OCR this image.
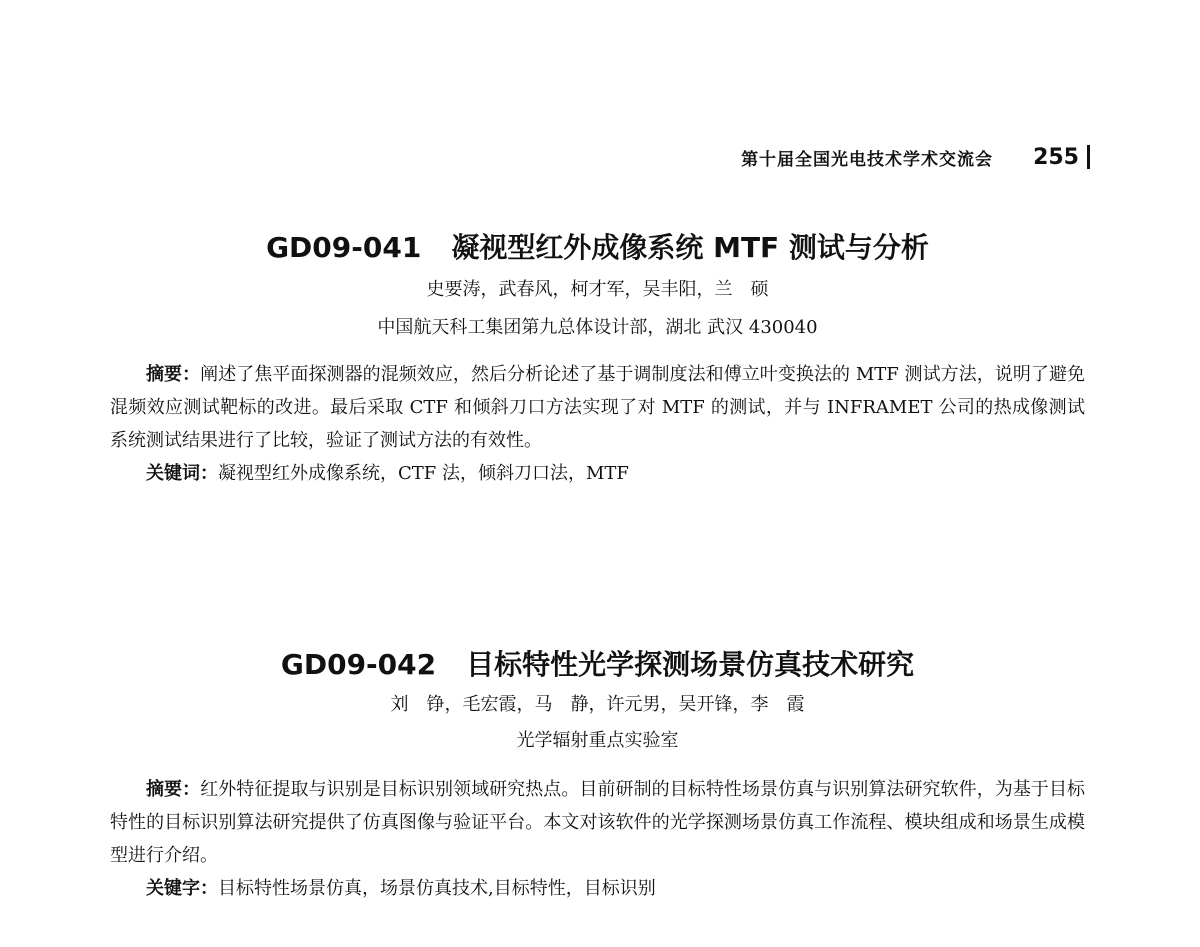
第十届全国光电技术学术交流会 255
GD09-041 凝视型红外成像系统 MTF 测试与分析
史要涛，武春风，柯才军，吴丰阳，兰　硕
中国航天科工集团第九总体设计部，湖北 武汉 430040

摘要：阐述了焦平面探测器的混频效应，然后分析论述了基于调制度法和傅立叶变换法的 MTF 测试方法，说明了避免混频效应测试靶标的改进。最后采取 CTF 和倾斜刀口方法实现了对 MTF 的测试，并与 INFRAMET 公司的热成像测试系统测试结果进行了比较，验证了测试方法的有效性。

关键词：凝视型红外成像系统，CTF 法，倾斜刀口法，MTF

GD09-042 目标特性光学探测场景仿真技术研究
刘　铮，毛宏霞，马　静，许元男，吴开锋，李　霞
光学辐射重点实验室

摘要：红外特征提取与识别是目标识别领域研究热点。目前研制的目标特性场景仿真与识别算法研究软件，为基于目标特性的目标识别算法研究提供了仿真图像与验证平台。本文对该软件的光学探测场景仿真工作流程、模块组成和场景生成模型进行介绍。

关键字：目标特性场景仿真，场景仿真技术,目标特性，目标识别
